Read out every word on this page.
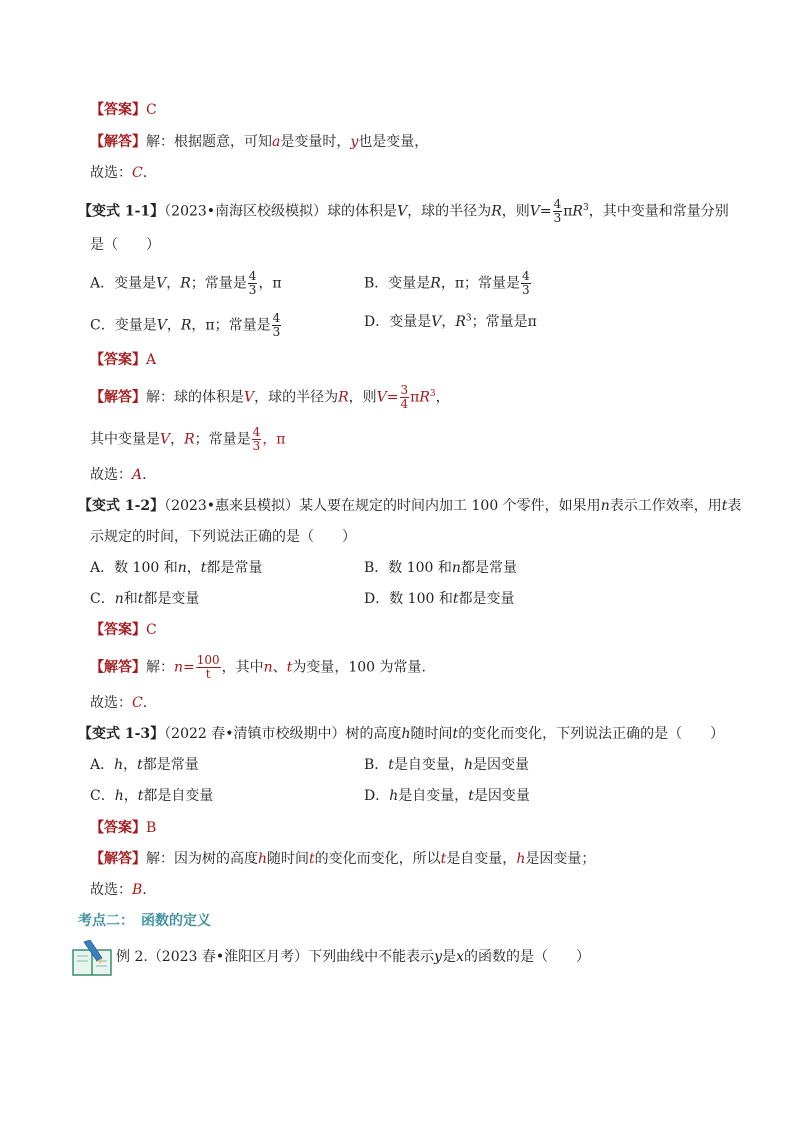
【答案】C
【解答】解：根据题意，可知a是变量时，y也是变量，
故选：C.
【变式 1-1】（2023•南海区校级模拟）球的体积是V，球的半径为R，则$V= \frac{4}{3} \pi R^3$，其中变量和常量分别
是（　　）
A．变量是V，R；常量是 $\frac{4}{3}$ ，π	B．变量是R，π；常量是 $\frac{4}{3}$
C．变量是V，R，π；常量是 $\frac{4}{3}$	D．变量是V，$R^3$；常量是π
【答案】A
【解答】解：球的体积是V，球的半径为R，则$V= \frac{3}{4} \pi R^3$，
其中变量是V，R；常量是 $\frac{4}{3}$ ，π
故选：A.
【变式 1-2】（2023•惠来县模拟）某人要在规定的时间内加工 100 个零件，如果用n表示工作效率，用t表
示规定的时间，下列说法正确的是（　　）
A．数 100 和n，t都是常量	B．数 100 和n都是常量
C．n和t都是变量	D．数 100 和t都是变量
【答案】C
【解答】解：$n= \frac{100}{t}$ ，其中n、t为变量，100 为常量.
故选：C.
【变式 1-3】（2022 春•清镇市校级期中）树的高度h随时间t的变化而变化，下列说法正确的是（　　）
A．h，t都是常量	B．t是自变量，h是因变量
C．h，t都是自变量	D．h是自变量，t是因变量
【答案】B
【解答】解：因为树的高度h随时间t的变化而变化，所以t是自变量，h是因变量；
故选：B.
考点二：　函数的定义
例 2.（2023 春•淮阳区月考）下列曲线中不能表示y是x的函数的是（　　）
